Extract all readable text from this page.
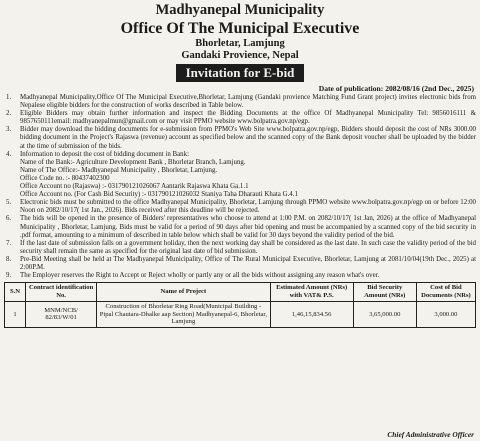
Madhyanepal Municipality
Office Of The Municipal Executive
Bhorletar, Lamjung
Gandaki Provience, Nepal
Invitation for E-bid
Date of publication: 2082/08/16 (2nd Dec., 2025)
1.	Madhyanepal Municipality,Office Of The Municipal Executive,Bhorletar, Lamjung (Gandaki provience Matching Fund Grant project) invites electronic bids from Nepalese eligible bidders for the construction of works described in Table below.
2.	Eligible Bidders may obtain further information and inspect the Bidding Documents at the office Of Madhyanepal Municipality Tel: 9856016111 & 9857650111email: madhyanepalmun@gmail.com or may visit PPMO website www.bolpatra.gov.np/egp.
3.	Bidder may download the bidding documents for e-submission from PPMO's Web Site www.bolpatra.gov.np/egp, Bidders should deposit the cost of NRs 3000.00 bidding document in the Project's Rajaswa (revenue) account as specified below and the scanned copy of the Bank deposit voucher shall be uploaded by the bidder at the time of submission of the bids.
4.	Information to deposit the cost of bidding document in Bank:
Name of the Bank:- Agriculture Development Bank , Bhorletar Branch, Lamjung.
Name of The Office:- Madhyanepal Municipality , Bhorletar, Lamjung.
Office Code no. :- 80437402300
Office Account no (Rajaswa) :- 031790121026067 Aantarik Rajaswa Khata Ga.1.1
Office Account no. (For Cash Bid Security) :- 031790121026032 Staniya Taha Dharauti Khata G.4.1
5.	Electronic bids must be submitted to the office Madhyanepal Municipality, Bhorletar, Lamjung through PPMO website www.bolpatra.gov.np/egp on or before 12:00 Noon on 2082/10/17( 1st Jan., 2026). Bids received after this deadline will be rejected.
6.	The bids will be opened in the presence of Bidders' representatives who choose to attend at 1:00 P.M. on 2082/10/17( 1st Jan, 2026) at the office of Madhyanepal Municipality , Bhorletar, Lamjung. Bids must be valid for a period of 90 days after bid opening and must be accompanied by a scanned copy of the bid security in .pdf format, amounting to a minimum of described in table below which shall be valid for 30 days beyond the validity period of the bid.
7.	If the last date of submission falls on a government holiday, then the next working day shall be considered as the last date. In such case the validity period of the bid security shall remain the same as specified for the original last date of bid submission.
8.	Pre-Bid Meeting shall be held at The Madhyanepal Municipality, Office of The Rural Municipal Executive, Bhorletar, Lamjung at 2081/10/04(19th Dec., 2025) at 2:00P.M.
9.	The Employer reserves the Right to Accept or Reject wholly or partly any or all the bids without assigning any reason what's over.
S.N	Contract identification No.	Name of Project	Estimated Amount (NRs) with VAT& P.S.	Bid Security Amount (NRs)	Cost of Bid Documents (NRs)
1	MNM/NCB/ 82/83/W/01	Construction of Bhorletar Ring Road(Municipal Building -Pipal Chautara-Dhalke aap Section) Madhyanepal-6, Bhorletar, Lamjung	1,46,15,834.56	3,65,000.00	3,000.00
Chief Administrative Officer
